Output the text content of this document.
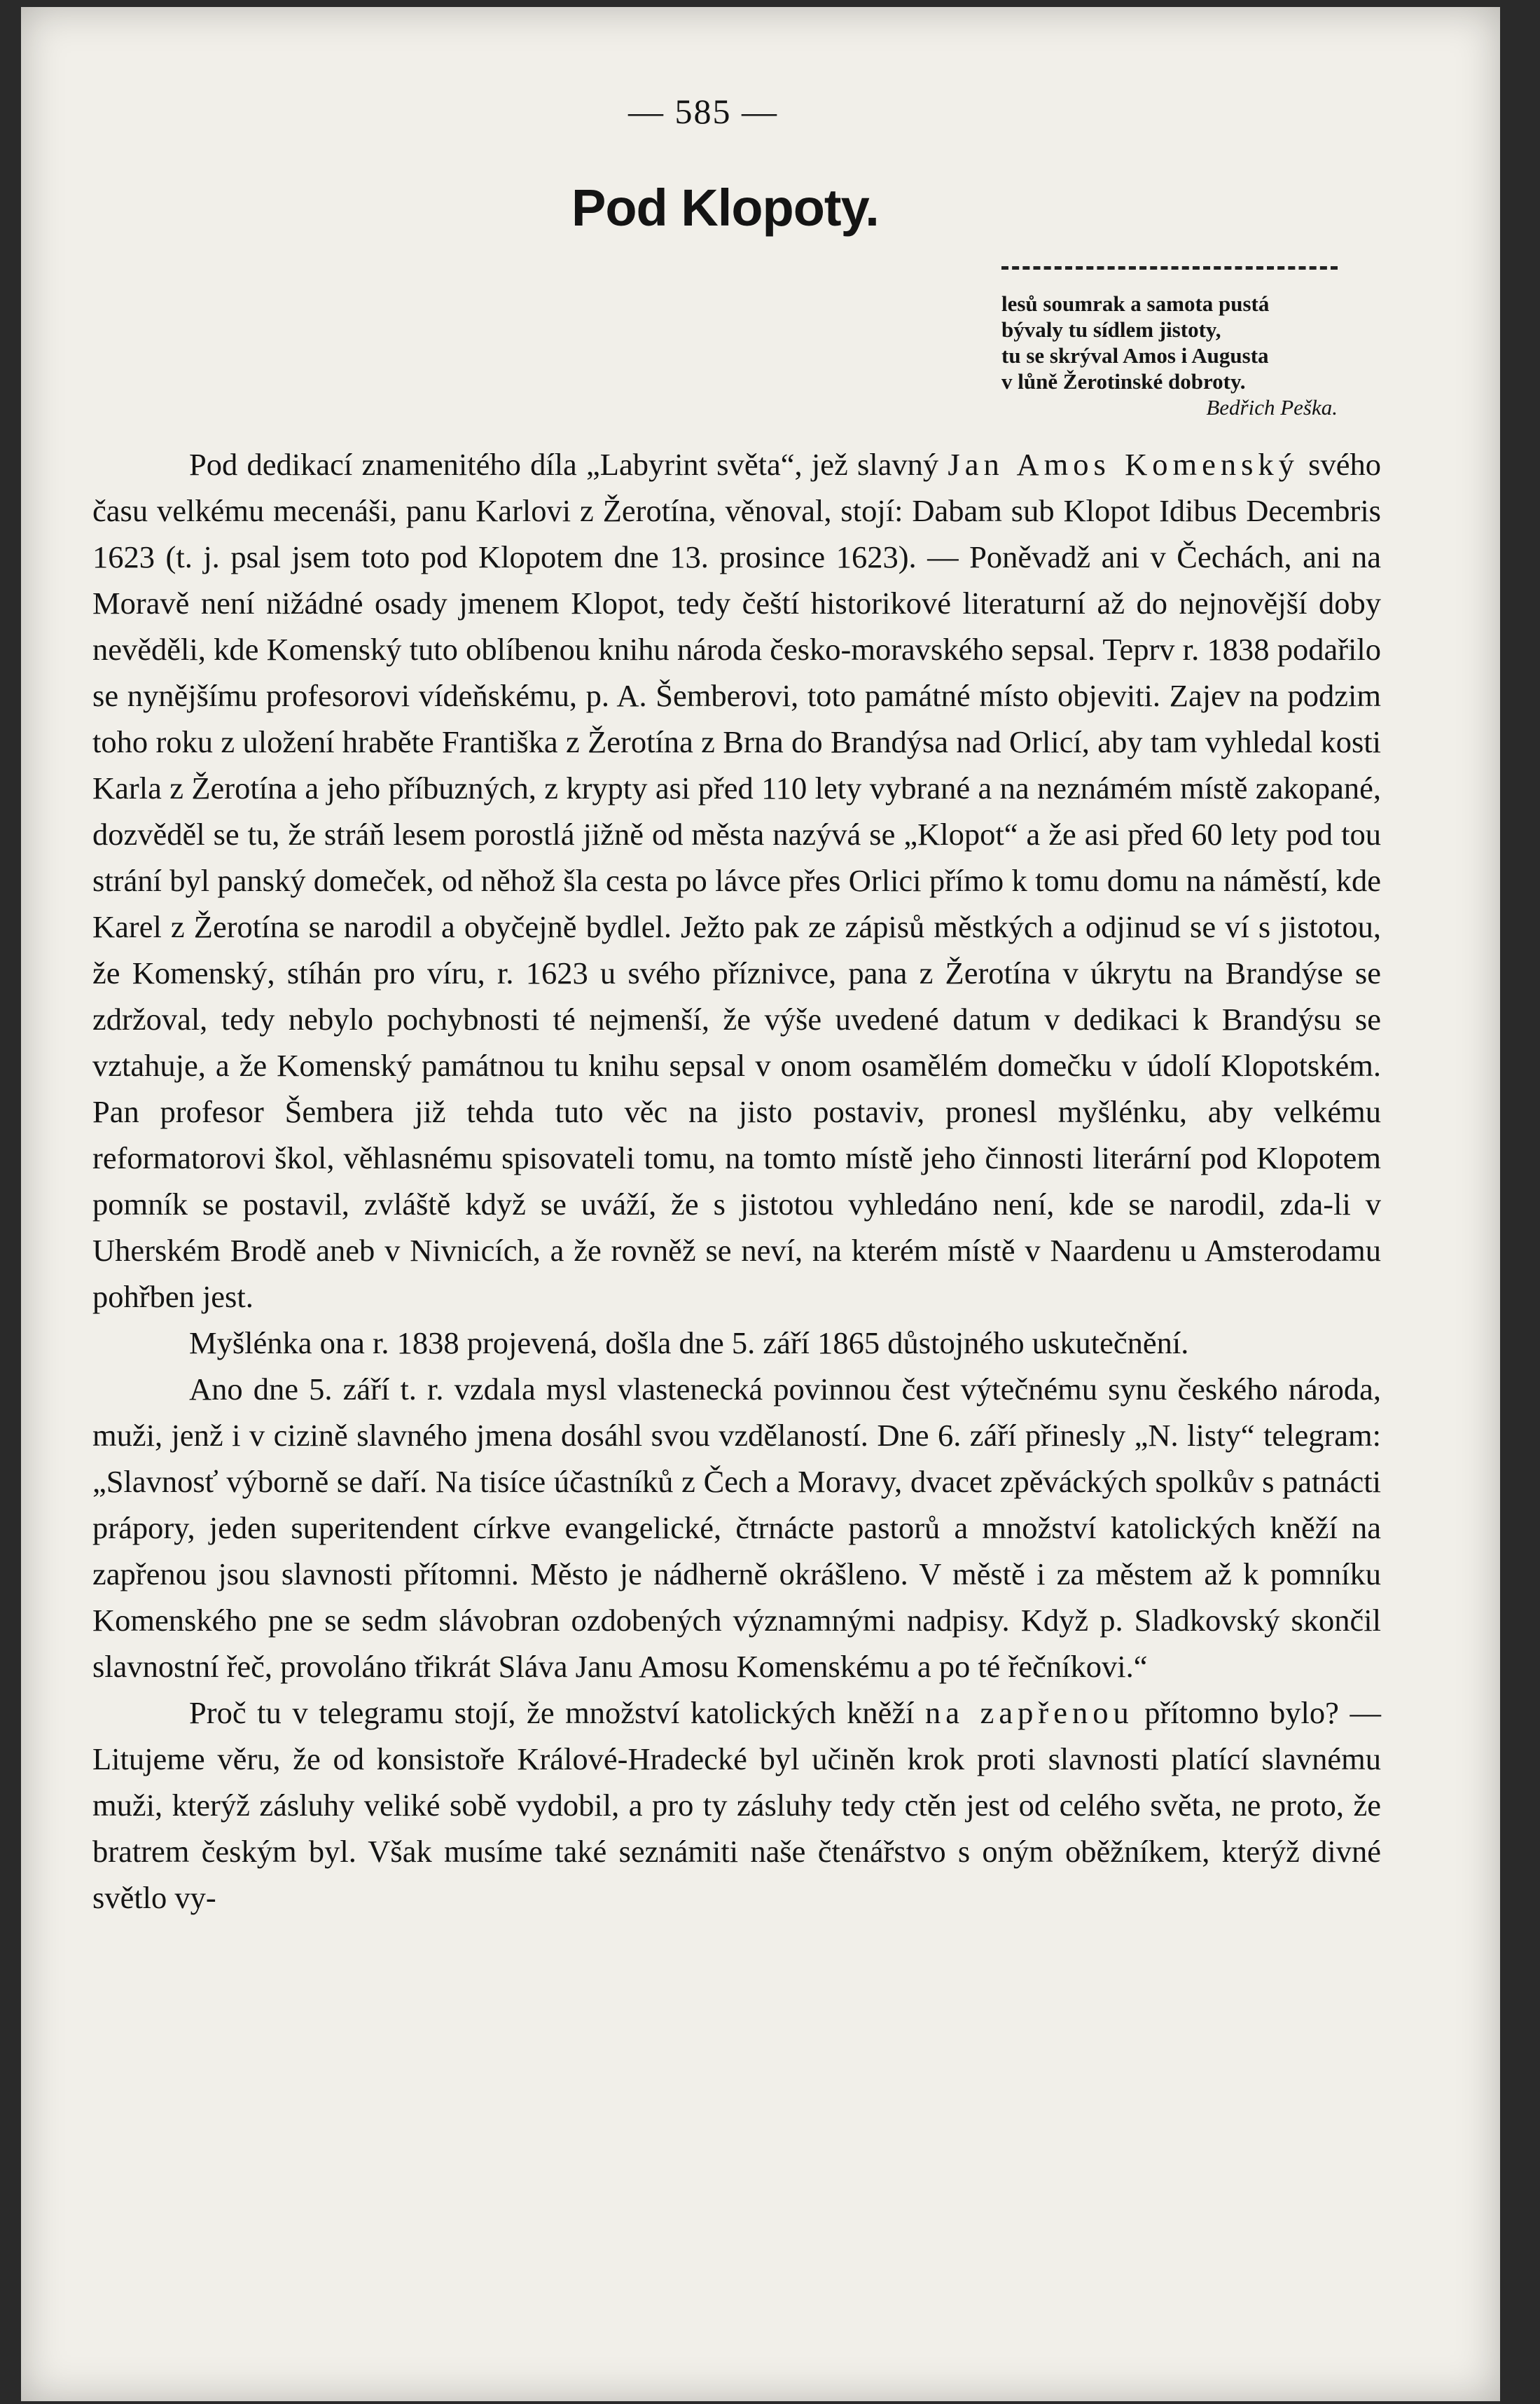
— 585 —
Pod Klopoty.
lesů soumrak a samota pustá
bývaly tu sídlem jistoty,
tu se skrýval Amos i Augusta
v lůně Žerotinské dobroty.
Bedřich Peška.

Pod dedikací znamenitého díla „Labyrint světa“, jež slavný Jan Amos Komenský svého času velkému mecenáši, panu Karlovi z Žerotína, věnoval, stojí: Dabam sub Klopot Idibus Decembris 1623 (t. j. psal jsem toto pod Klopotem dne 13. prosince 1623). — Poněvadž ani v Čechách, ani na Moravě není nižádné osady jmenem Klopot, tedy čeští historikové literaturní až do nejnovější doby nevěděli, kde Komenský tuto oblíbenou knihu národa česko-moravského sepsal. Teprv r. 1838 podařilo se nynějšímu profesorovi vídeňskému, p. A. Šemberovi, toto památné místo objeviti. Zajev na podzim toho roku z uložení hraběte Františka z Žerotína z Brna do Brandýsa nad Orlicí, aby tam vyhledal kosti Karla z Žerotína a jeho příbuzných, z krypty asi před 110 lety vybrané a na neznámém místě zakopané, dozvěděl se tu, že stráň lesem porostlá jižně od města nazývá se „Klopot“ a že asi před 60 lety pod tou strání byl panský domeček, od něhož šla cesta po lávce přes Orlici přímo k tomu domu na náměstí, kde Karel z Žerotína se narodil a obyčejně bydlel. Ježto pak ze zápisů městkých a odjinud se ví s jistotou, že Komenský, stíhán pro víru, r. 1623 u svého příznivce, pana z Žerotína v úkrytu na Brandýse se zdržoval, tedy nebylo pochybnosti té nejmenší, že výše uvedené datum v dedikaci k Brandýsu se vztahuje, a že Komenský památnou tu knihu sepsal v onom osamělém domečku v údolí Klopotském. Pan profesor Šembera již tehda tuto věc na jisto postaviv, pronesl myšlénku, aby velkému reformatorovi škol, věhlasnému spisovateli tomu, na tomto místě jeho činnosti literární pod Klopotem pomník se postavil, zvláště když se uváží, že s jistotou vyhledáno není, kde se narodil, zda-li v Uherském Brodě aneb v Nivnicích, a že rovněž se neví, na kterém místě v Naardenu u Amsterodamu pohřben jest.

Myšlénka ona r. 1838 projevená, došla dne 5. září 1865 důstojného uskutečnění.

Ano dne 5. září t. r. vzdala mysl vlastenecká povinnou čest výtečnému synu českého národa, muži, jenž i v cizině slavného jmena dosáhl svou vzdělaností. Dne 6. září přinesly „N. listy“ telegram: „Slavnosť výborně se daří. Na tisíce účastníků z Čech a Moravy, dvacet zpěváckých spolkův s patnácti prápory, jeden superitendent církve evangelické, čtrnácte pastorů a množství katolických kněží na zapřenou jsou slavnosti přítomni. Město je nádherně okrášleno. V městě i za městem až k pomníku Komenského pne se sedm slávobran ozdobených významnými nadpisy. Když p. Sladkovský skončil slavnostní řeč, provoláno třikrát Sláva Janu Amosu Komenskému a po té řečníkovi.“

Proč tu v telegramu stojí, že množství katolických kněží na zapřenou přítomno bylo? — Litujeme věru, že od konsistoře Králové-Hradecké byl učiněn krok proti slavnosti platící slavnému muži, kterýž zásluhy veliké sobě vydobil, a pro ty zásluhy tedy ctěn jest od celého světa, ne proto, že bratrem českým byl. Však musíme také seznámiti naše čtenářstvo s oným oběžníkem, kterýž divné světlo vy-
